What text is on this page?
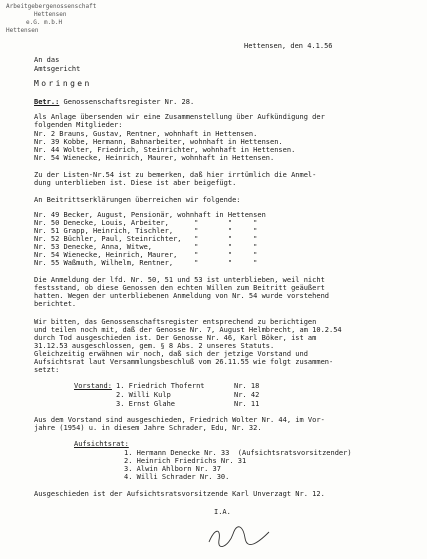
Arbeitgebergenossenschaft
Hettensen
e.G. m.b.H
Hettensen
Hettensen, den 4.1.56
An das
Amtsgericht
Moringen
Betr.: Genossenschaftsregister Nr. 28.
Als Anlage übersenden wir eine Zusammenstellung über Aufkündigung der
folgenden Mitglieder:
Nr. 2 Brauns, Gustav, Rentner, wohnhaft in Hettensen.
Nr. 39 Kobbe, Hermann, Bahnarbeiter, wohnhaft in Hettensen.
Nr. 44 Wolter, Friedrich, Steinrichter, wohnhaft in Hettensen.
Nr. 54 Wienecke, Heinrich, Maurer, wohnhaft in Hettensen.
Zu der Listen-Nr.54 ist zu bemerken, daß hier irrtümlich die Anmel-
dung unterblieben ist. Diese ist aber beigefügt.
An Beitrittserklärungen überreichen wir folgende:
Nr. 49 Becker, August, Pensionär, wohnhaft in Hettensen
Nr. 50 Denecke, Louis, Arbeiter,      "       "     "
Nr. 51 Grapp, Heinrich, Tischler,     "       "     "
Nr. 52 Büchler, Paul, Steinrichter,   "       "     "
Nr. 53 Denecke, Anna, Witwe,          "       "     "
Nr. 54 Wienecke, Heinrich, Maurer,    "       "     "
Nr. 55 Waßmuth, Wilhelm, Rentner,     "       "     "
Die Anmeldung der lfd. Nr. 50, 51 und 53 ist unterblieben, weil nicht
festsstand, ob diese Genossen den echten Willen zum Beitritt geäußert
hatten. Wegen der unterbliebenen Anmeldung von Nr. 54 wurde vorstehend
berichtet.
Wir bitten, das Genossenschaftsregister entsprechend zu berichtigen
und teilen noch mit, daß der Genosse Nr. 7, August Helmbrecht, am 10.2.54
durch Tod ausgeschieden ist. Der Genosse Nr. 46, Karl Böker, ist am
31.12.53 ausgeschlossen, gem. § 8 Abs. 2 unseres Statuts.
Gleichzeitig erwähnen wir noch, daß sich der jetzige Vorstand und
Aufsichtsrat laut Versammlungsbeschluß vom 26.11.55 wie folgt zusammen-
setzt:
Vorstand: 1. Friedrich Thofernt	Nr. 18
2. Willi Kulp	Nr. 42
3. Ernst Glahe	Nr. 11
Aus dem Vorstand sind ausgeschieden, Friedrich Wolter Nr. 44, im Vor-
jahre (1954) u. in diesem Jahre Schrader, Edu, Nr. 32.
Aufsichtsrat:
1. Hermann Denecke Nr. 33  (Aufsichtsratsvorsitzender)
2. Heinrich Friedrichs Nr. 31
3. Alwin Ahlborn Nr. 37
4. Willi Schrader Nr. 30.
Ausgeschieden ist der Aufsichtsratsvorsitzende Karl Unverzagt Nr. 12.
I.A.
